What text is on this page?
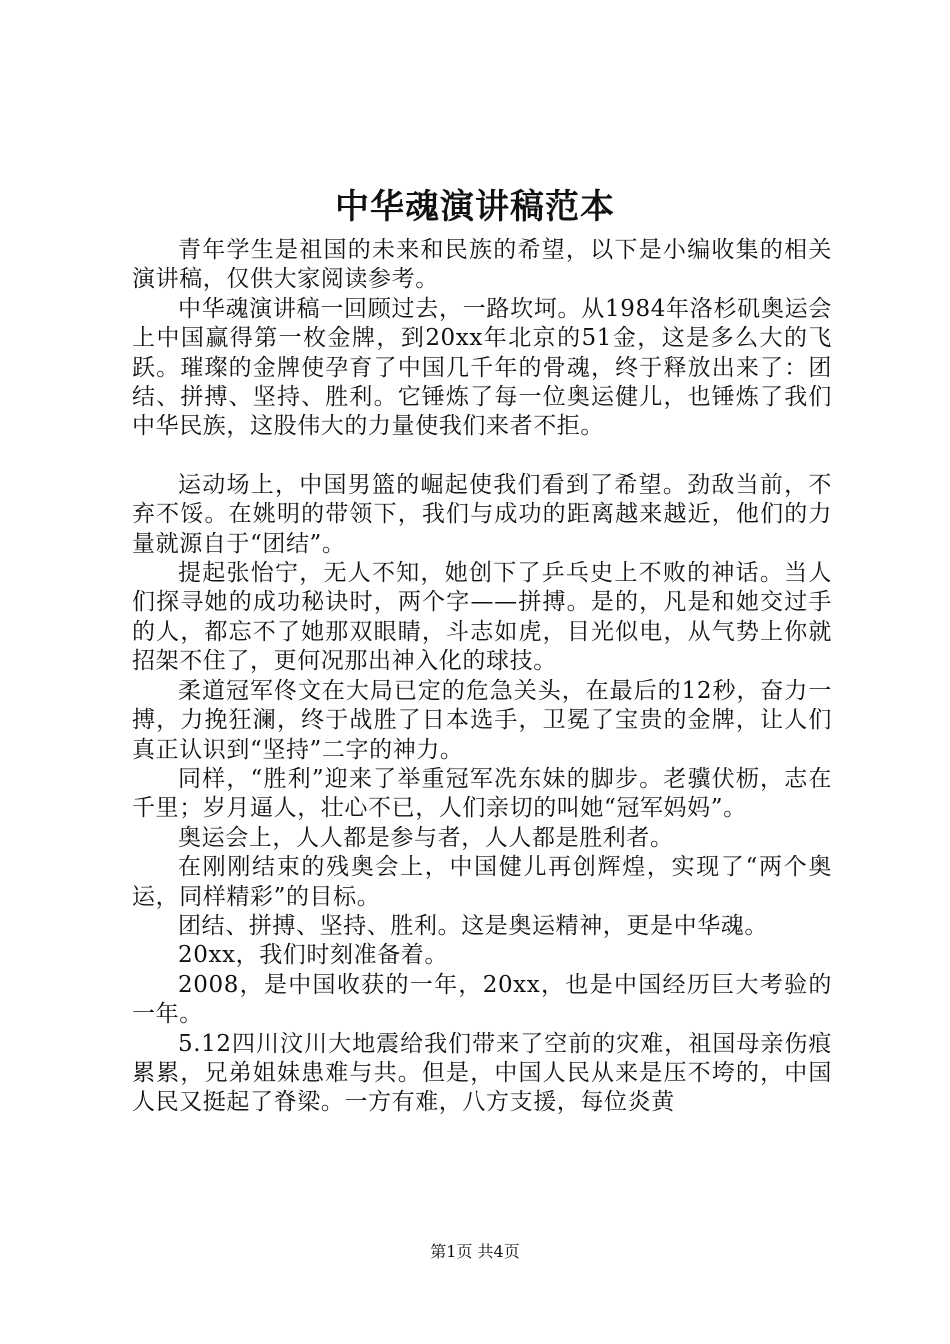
中华魂演讲稿范本

青年学生是祖国的未来和民族的希望，以下是小编收集的相关演讲稿，仅供大家阅读参考。

中华魂演讲稿一回顾过去，一路坎坷。从1984年洛杉矶奥运会上中国赢得第一枚金牌，到20xx年北京的51金，这是多么大的飞跃。璀璨的金牌使孕育了中国几千年的骨魂，终于释放出来了：团结、拼搏、坚持、胜利。它锤炼了每一位奥运健儿，也锤炼了我们中华民族，这股伟大的力量使我们来者不拒。

运动场上，中国男篮的崛起使我们看到了希望。劲敌当前，不弃不馁。在姚明的带领下，我们与成功的距离越来越近，他们的力量就源自于“团结”。

提起张怡宁，无人不知，她创下了乒乓史上不败的神话。当人们探寻她的成功秘诀时，两个字——拼搏。是的，凡是和她交过手的人，都忘不了她那双眼睛，斗志如虎，目光似电，从气势上你就招架不住了，更何况那出神入化的球技。

柔道冠军佟文在大局已定的危急关头，在最后的12秒，奋力一搏，力挽狂澜，终于战胜了日本选手，卫冕了宝贵的金牌，让人们真正认识到“坚持”二字的神力。

同样，“胜利”迎来了举重冠军冼东妹的脚步。老骥伏枥，志在千里；岁月逼人，壮心不已，人们亲切的叫她“冠军妈妈”。

奥运会上，人人都是参与者，人人都是胜利者。

在刚刚结束的残奥会上，中国健儿再创辉煌，实现了“两个奥运，同样精彩”的目标。

团结、拼搏、坚持、胜利。这是奥运精神，更是中华魂。

20xx，我们时刻准备着。

2008，是中国收获的一年，20xx，也是中国经历巨大考验的一年。

5.12四川汶川大地震给我们带来了空前的灾难，祖国母亲伤痕累累，兄弟姐妹患难与共。但是，中国人民从来是压不垮的，中国人民又挺起了脊梁。一方有难，八方支援，每位炎黄

第1页 共4页
